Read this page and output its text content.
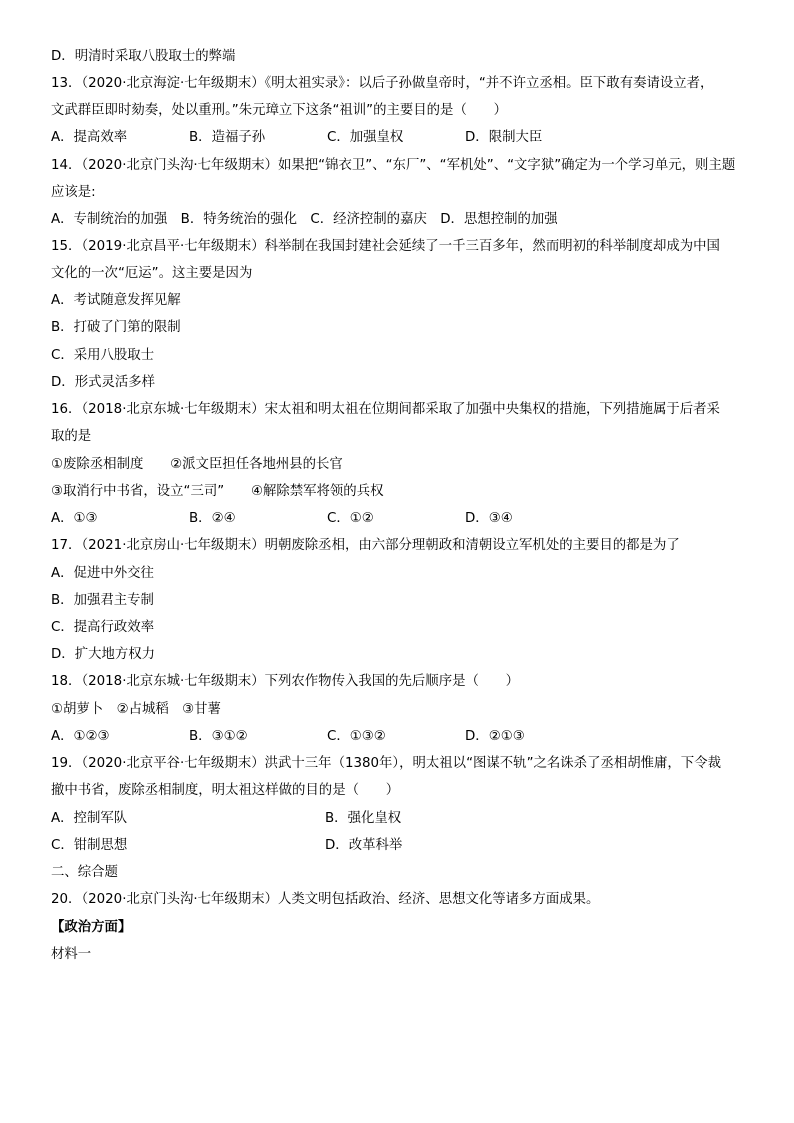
D．明清时采取八股取士的弊端
13．（2020·北京海淀·七年级期末）《明太祖实录》：以后子孙做皇帝时，“并不许立丞相。臣下敢有奏请设立者，
文武群臣即时劾奏，处以重刑。”朱元璋立下这条“祖训”的主要目的是（　　）
A．提高效率	B．造福子孙	C．加强皇权	D．限制大臣
14．（2020·北京门头沟·七年级期末）如果把“锦衣卫”、“东厂”、“军机处”、“文字狱”确定为一个学习单元，则主题
应该是:
A．专制统治的加强　B．特务统治的强化　C．经济控制的嘉庆　D．思想控制的加强
15．（2019·北京昌平·七年级期末）科举制在我国封建社会延续了一千三百多年，然而明初的科举制度却成为中国
文化的一次“厄运”。这主要是因为
A．考试随意发挥见解
B．打破了门第的限制
C．采用八股取士
D．形式灵活多样
16．（2018·北京东城·七年级期末）宋太祖和明太祖在位期间都采取了加强中央集权的措施，下列措施属于后者采
取的是
①废除丞相制度　　②派文臣担任各地州县的长官
③取消行中书省，设立“三司”　　④解除禁军将领的兵权
A．①③	B．②④	C．①②	D．③④
17．（2021·北京房山·七年级期末）明朝废除丞相，由六部分理朝政和清朝设立军机处的主要目的都是为了
A．促进中外交往
B．加强君主专制
C．提高行政效率
D．扩大地方权力
18．（2018·北京东城·七年级期末）下列农作物传入我国的先后顺序是（　　）
①胡萝卜　②占城稻　③甘薯
A．①②③	B．③①②	C．①③②	D．②①③
19．（2020·北京平谷·七年级期末）洪武十三年（1380年），明太祖以“图谋不轨”之名诛杀了丞相胡惟庸，下令裁
撤中书省，废除丞相制度，明太祖这样做的目的是（　　）
A．控制军队	B．强化皇权
C．钳制思想	D．改革科举
二、综合题
20．（2020·北京门头沟·七年级期末）人类文明包括政治、经济、思想文化等诸多方面成果。
【政治方面】
材料一
